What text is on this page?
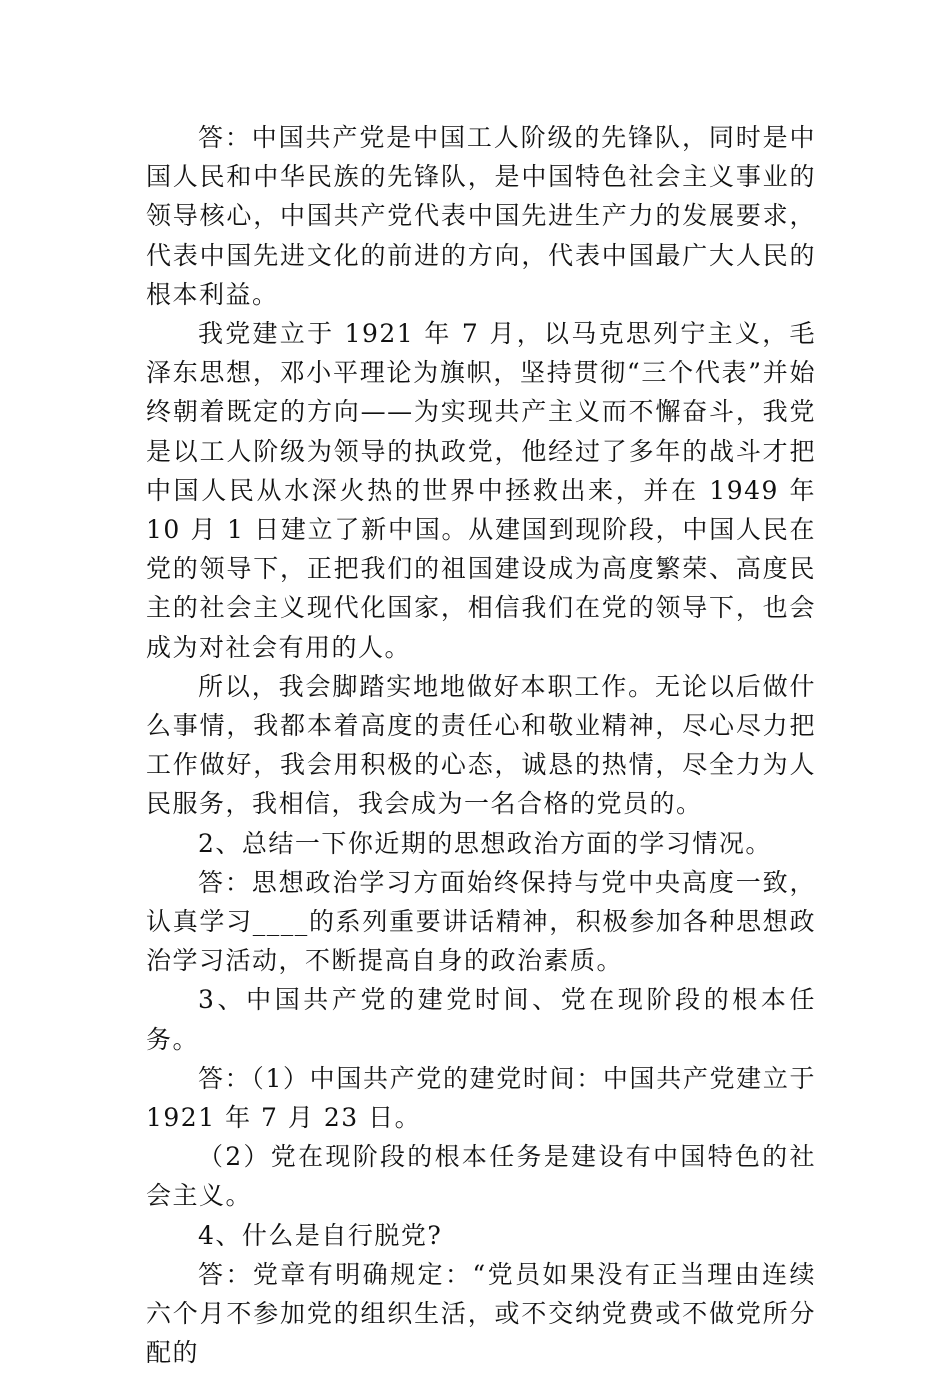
答：中国共产党是中国工人阶级的先锋队，同时是中国人民和中华民族的先锋队，是中国特色社会主义事业的领导核心，中国共产党代表中国先进生产力的发展要求，代表中国先进文化的前进的方向，代表中国最广大人民的根本利益。

我党建立于 1921 年 7 月，以马克思列宁主义，毛泽东思想，邓小平理论为旗帜，坚持贯彻“三个代表”并始终朝着既定的方向——为实现共产主义而不懈奋斗，我党是以工人阶级为领导的执政党，他经过了多年的战斗才把中国人民从水深火热的世界中拯救出来，并在 1949 年 10 月 1 日建立了新中国。从建国到现阶段，中国人民在党的领导下，正把我们的祖国建设成为高度繁荣、高度民主的社会主义现代化国家，相信我们在党的领导下，也会成为对社会有用的人。

所以，我会脚踏实地地做好本职工作。无论以后做什么事情，我都本着高度的责任心和敬业精神，尽心尽力把工作做好，我会用积极的心态，诚恳的热情，尽全力为人民服务，我相信，我会成为一名合格的党员的。

2、总结一下你近期的思想政治方面的学习情况。

答：思想政治学习方面始终保持与党中央高度一致，认真学习____的系列重要讲话精神，积极参加各种思想政治学习活动，不断提高自身的政治素质。

3、中国共产党的建党时间、党在现阶段的根本任务。

答：（1）中国共产党的建党时间：中国共产党建立于 1921 年 7 月 23 日。

（2）党在现阶段的根本任务是建设有中国特色的社会主义。

4、什么是自行脱党?

答：党章有明确规定：“党员如果没有正当理由连续六个月不参加党的组织生活，或不交纳党费或不做党所分配的
